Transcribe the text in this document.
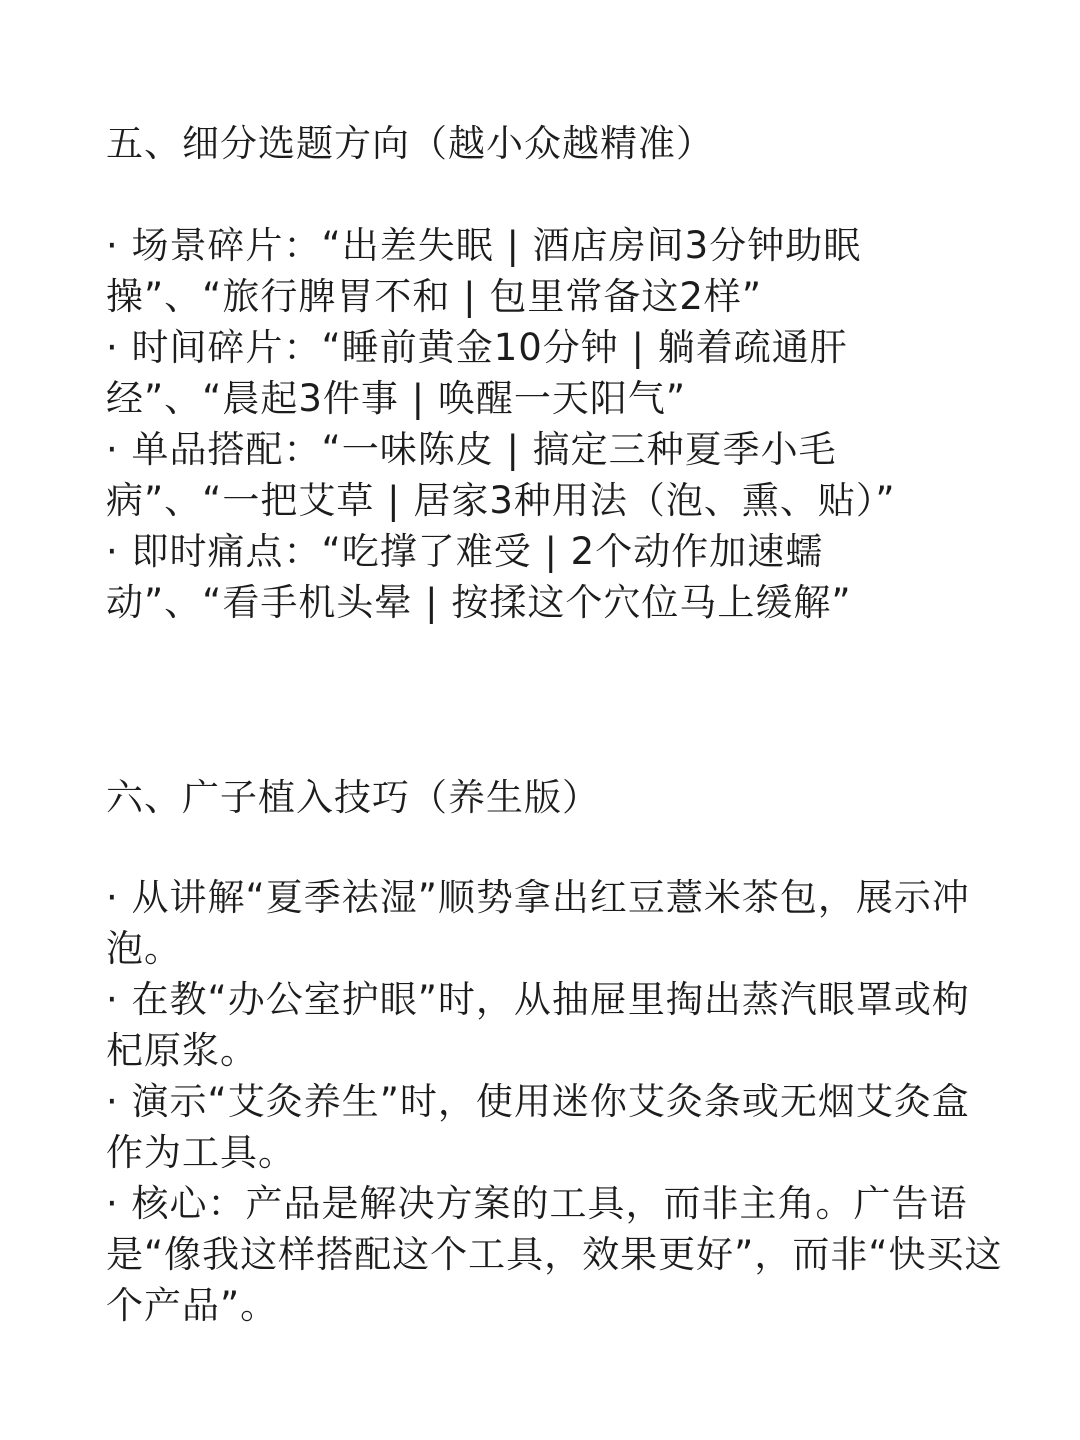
五、细分选题方向（越小众越精准）

· 场景碎片：“出差失眠 | 酒店房间3分钟助眠操”、“旅行脾胃不和 | 包里常备这2样”

· 时间碎片：“睡前黄金10分钟 | 躺着疏通肝经”、“晨起3件事 | 唤醒一天阳气”

· 单品搭配：“一味陈皮 | 搞定三种夏季小毛病”、“一把艾草 | 居家3种用法（泡、熏、贴）”

· 即时痛点：“吃撑了难受 | 2个动作加速蠕动”、“看手机头晕 | 按揉这个穴位马上缓解”

六、广子植入技巧（养生版）

· 从讲解“夏季祛湿”顺势拿出红豆薏米茶包，展示冲泡。

· 在教“办公室护眼”时，从抽屉里掏出蒸汽眼罩或枸杞原浆。

· 演示“艾灸养生”时，使用迷你艾灸条或无烟艾灸盒作为工具。

· 核心：产品是解决方案的工具，而非主角。广告语是“像我这样搭配这个工具，效果更好”，而非“快买这个产品”。
